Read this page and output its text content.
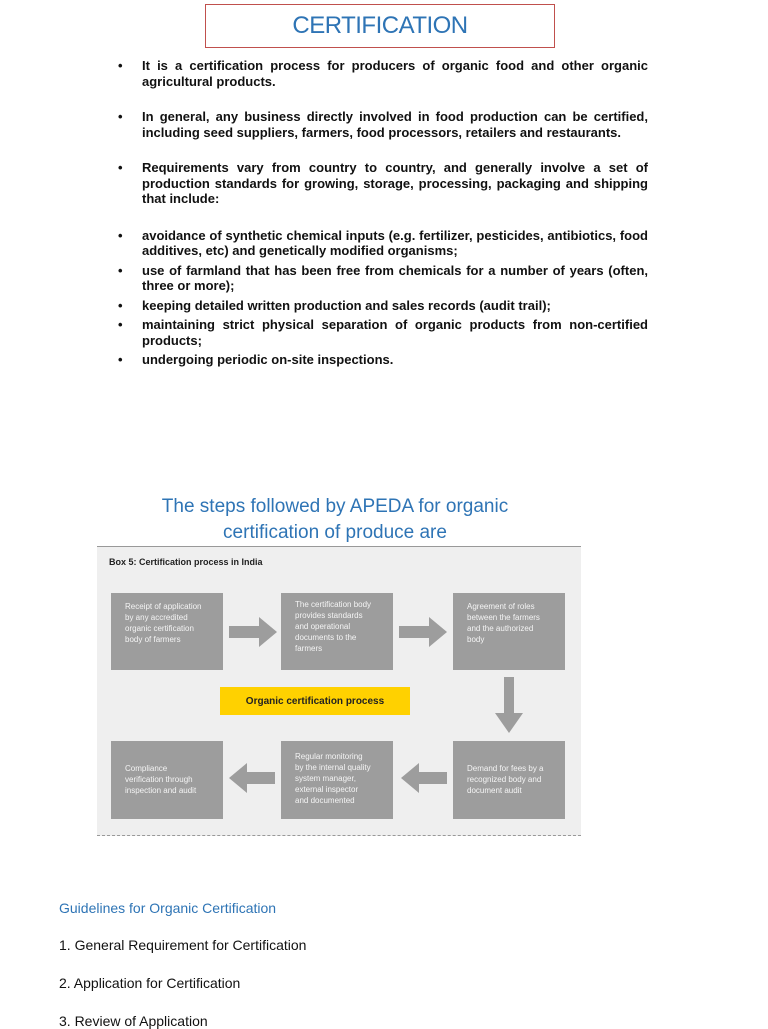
CERTIFICATION
• It is a certification process for producers of organic food and other organic agricultural products.
• In general, any business directly involved in food production can be certified, including seed suppliers, farmers, food processors, retailers and restaurants.
• Requirements vary from country to country, and generally involve a set of production standards for growing, storage, processing, packaging and shipping that include:
• avoidance of synthetic chemical inputs (e.g. fertilizer, pesticides, antibiotics, food additives, etc) and genetically modified organisms;
• use of farmland that has been free from chemicals for a number of years (often, three or more);
• keeping detailed written production and sales records (audit trail);
• maintaining strict physical separation of organic products from non-certified products;
• undergoing periodic on-site inspections.
The steps followed by APEDA for organic
certification of produce are
Box 5: Certification process in India
Receipt of application
by any accredited
organic certification
body of farmers
The certification body
provides standards
and operational
documents to the
farmers
Agreement of roles
between the farmers
and the authorized
body
Demand for fees by a
recognized body and
document audit
Regular monitoring
by the internal quality
system manager,
external inspector
and documented
Compliance
verification through
inspection and audit
Organic certification process
Guidelines for Organic Certification
1. General Requirement for Certification
2. Application for Certification
3. Review of Application
